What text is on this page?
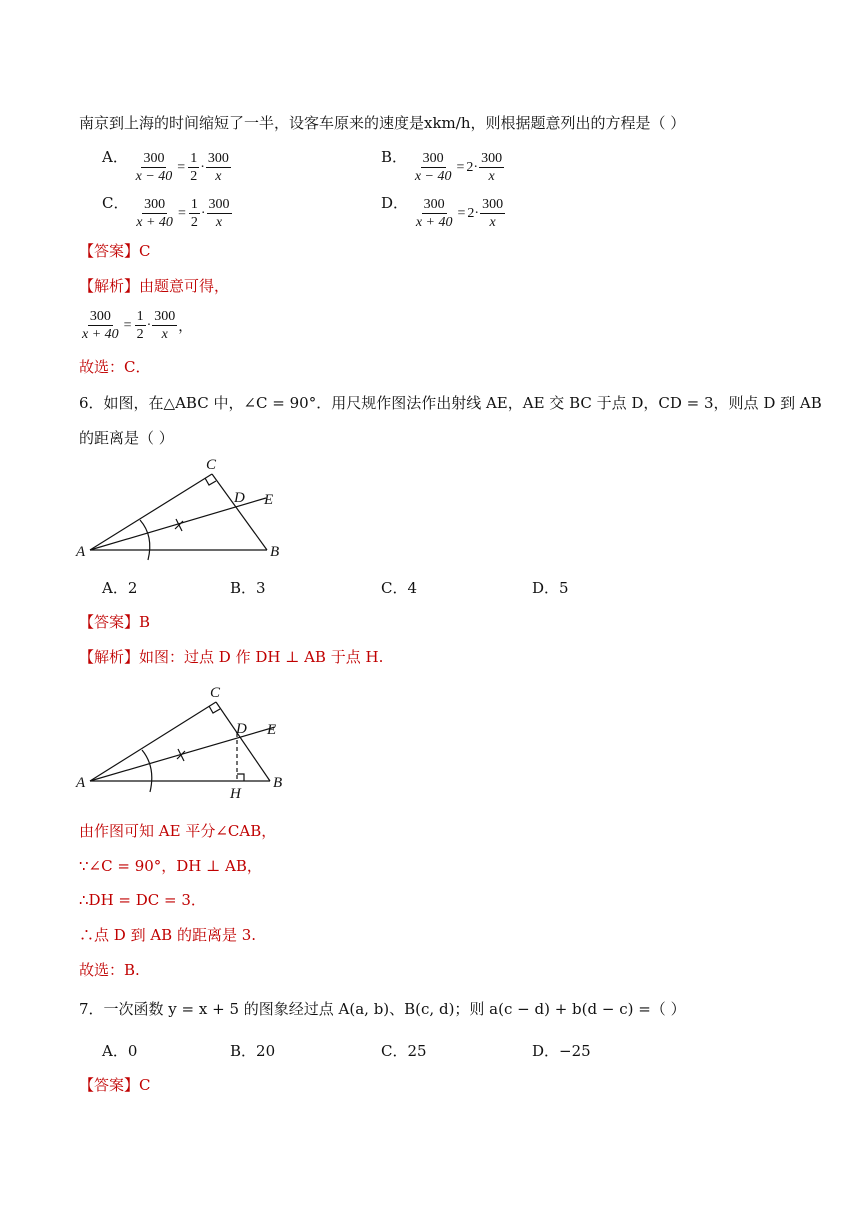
南京到上海的时间缩短了一半，设客车原来的速度是xkm/h，则根据题意列出的方程是（ ）
A． $\frac{300}{x - 40} = \frac{1}{2} \cdot \frac{300}{x}$	B． $\frac{300}{x - 40} = 2 \cdot \frac{300}{x}$
C． $\frac{300}{x + 40} = \frac{1}{2} \cdot \frac{300}{x}$	D． $\frac{300}{x + 40} = 2 \cdot \frac{300}{x}$
【答案】C
【解析】由题意可得，
$\frac{300}{x + 40} = \frac{1}{2} \cdot \frac{300}{x}$ ，
故选：C．
6．如图，在△ABC 中，∠C = 90°．用尺规作图法作出射线 AE，AE 交 BC 于点 D，CD = 3，则点 D 到 AB
的距离是（ ）
A	B
C
D E
A．2	B．3	C．4	D．5
【答案】B
【解析】如图：过点 D 作 DH ⊥ AB 于点 H.
A	B
C
D E
H
由作图可知 AE 平分∠CAB，
∵∠C = 90°，DH ⊥ AB，
∴DH = DC = 3．
∴点 D 到 AB 的距离是 3.
故选：B.
7．一次函数 y = x + 5 的图象经过点 A(a, b)、B(c, d)；则 a(c − d) + b(d − c) =（ ）
A．0	B．20	C．25	D．−25
【答案】C
